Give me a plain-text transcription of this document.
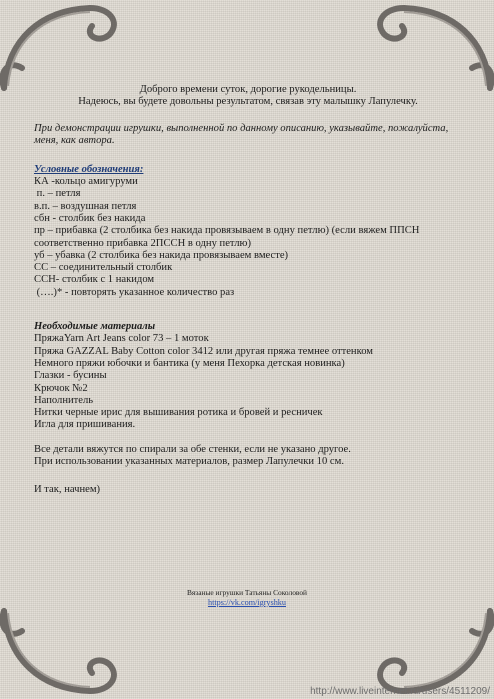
Доброго времени суток, дорогие рукодельницы.

Надеюсь, вы будете довольны результатом, связав эту малышку Лапулечку.

При демонстрации игрушки, выполненной по данному описанию, указывайте, пожалуйста, меня, как автора.

Условные обозначения:

КА -кольцо амигуруми
п. – петля
в.п. – воздушная петля
сбн - столбик без накида
пр – прибавка (2 столбика без накида провязываем в одну петлю) (если вяжем ППСН соответственно прибавка 2ПССН в одну петлю)
уб – убавка (2 столбика без накида провязываем вместе)
СС – соединительный столбик
ССН- столбик с 1 накидом
(….)* - повторять указанное количество раз

Необходимые материалы

ПряжаYarn Art Jeans color 73 – 1 моток
Пряжа GAZZAL Baby Cotton color 3412 или другая пряжа темнее оттенком
Немного пряжи юбочки и бантика (у меня Пехорка детская новинка)
Глазки - бусины
Крючок №2
Наполнитель
Нитки черные ирис для вышивания ротика и бровей и ресничек
Игла для пришивания.

Все детали вяжутся по спирали за обе стенки, если не указано другое.

При использовании указанных материалов, размер Лапулечки 10 см.

И так, начнем)

Вязаные игрушки Татьяны Соколовой
https://vk.com/igryshku
http://www.liveinternet.ru/users/4511209/
